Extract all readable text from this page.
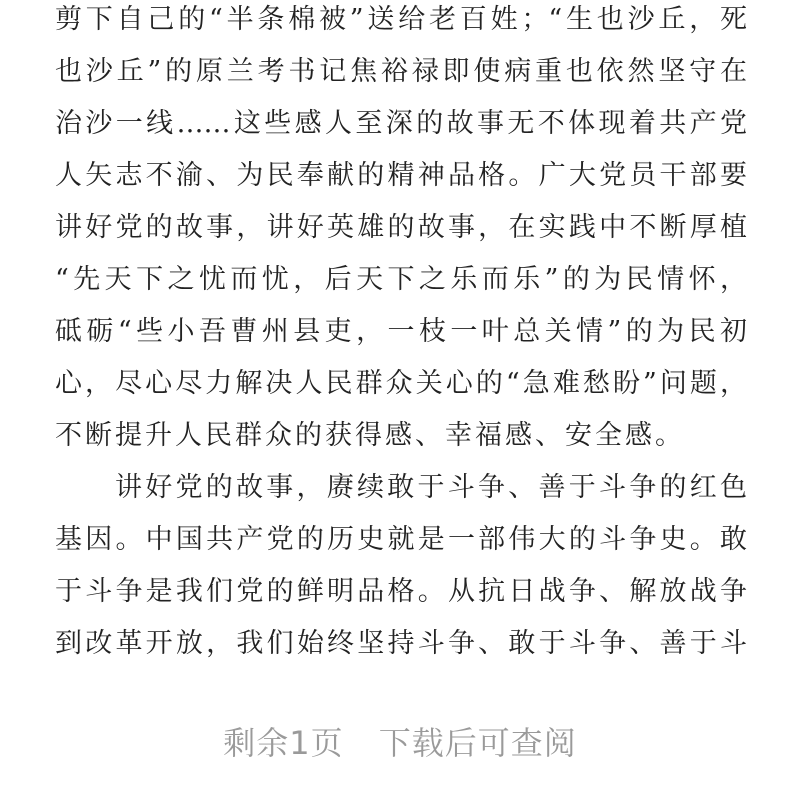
剪下自己的“半条棉被”送给老百姓；“生也沙丘，死
也沙丘”的原兰考书记焦裕禄即使病重也依然坚守在
治沙一线……这些感人至深的故事无不体现着共产党
人矢志不渝、为民奉献的精神品格。广大党员干部要
讲好党的故事，讲好英雄的故事，在实践中不断厚植
“先天下之忧而忧，后天下之乐而乐”的为民情怀，
砥砺“些小吾曹州县吏，一枝一叶总关情”的为民初
心，尽心尽力解决人民群众关心的“急难愁盼”问题，
不断提升人民群众的获得感、幸福感、安全感。
讲好党的故事，赓续敢于斗争、善于斗争的红色
基因。中国共产党的历史就是一部伟大的斗争史。敢
于斗争是我们党的鲜明品格。从抗日战争、解放战争
到改革开放，我们始终坚持斗争、敢于斗争、善于斗
剩余1页 下载后可查阅
